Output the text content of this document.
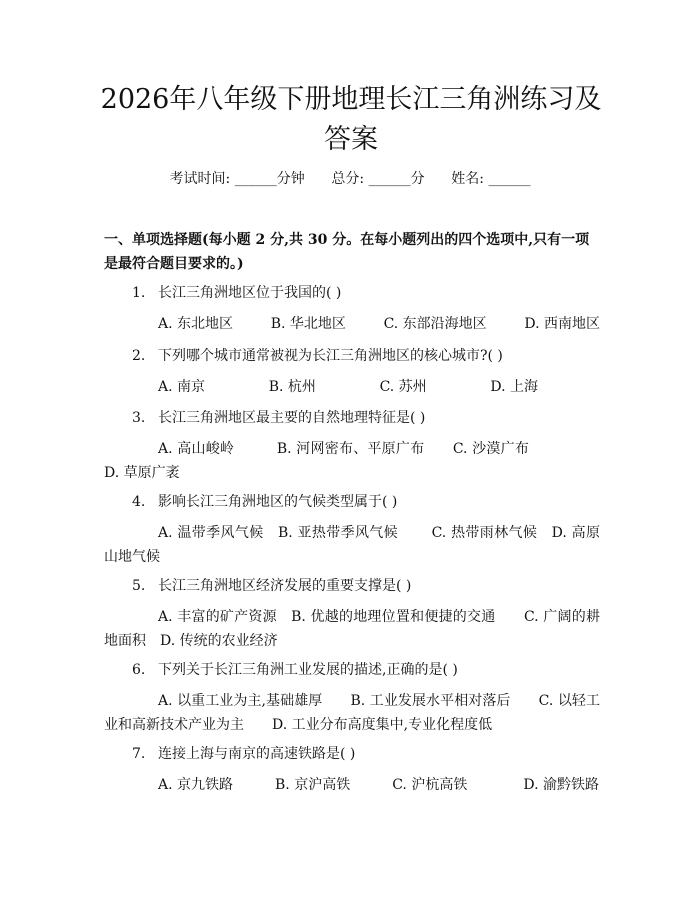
2026年八年级下册地理长江三角洲练习及答案
考试时间: ______分钟 总分: ______分 姓名: ______

一、单项选择题(每小题 2 分,共 30 分。在每小题列出的四个选项中,只有一项是最符合题目要求的。)

1. 长江三角洲地区位于我国的( )
A. 东北地区	B. 华北地区	C. 东部沿海地区	D. 西南地区
2. 下列哪个城市通常被视为长江三角洲地区的核心城市?( )
A. 南京	B. 杭州	C. 苏州	D. 上海
3. 长江三角洲地区最主要的自然地理特征是( )
A. 高山峻岭　　　	B. 河网密布、平原广布　　 C. 沙漠广布　　　　　 D. 草原广袤
4. 影响长江三角洲地区的气候类型属于( )
A. 温带季风气候　 B. 亚热带季风气候　　 C. 热带雨林气候　 D. 高原山地气候
5. 长江三角洲地区经济发展的重要支撑是( )
A. 丰富的矿产资源　 B. 优越的地理位置和便捷的交通　　 C. 广阔的耕地面积　 D. 传统的农业经济
6. 下列关于长江三角洲工业发展的描述,正确的是( )
A. 以重工业为主,基础雄厚　　 B. 工业发展水平相对落后　　 C. 以轻工业和高新技术产业为主　　 D. 工业分布高度集中,专业化程度低
7. 连接上海与南京的高速铁路是( )
A. 京九铁路　　　	B. 京沪高铁　　　	C. 沪杭高铁　　　　	D. 渝黔铁路
